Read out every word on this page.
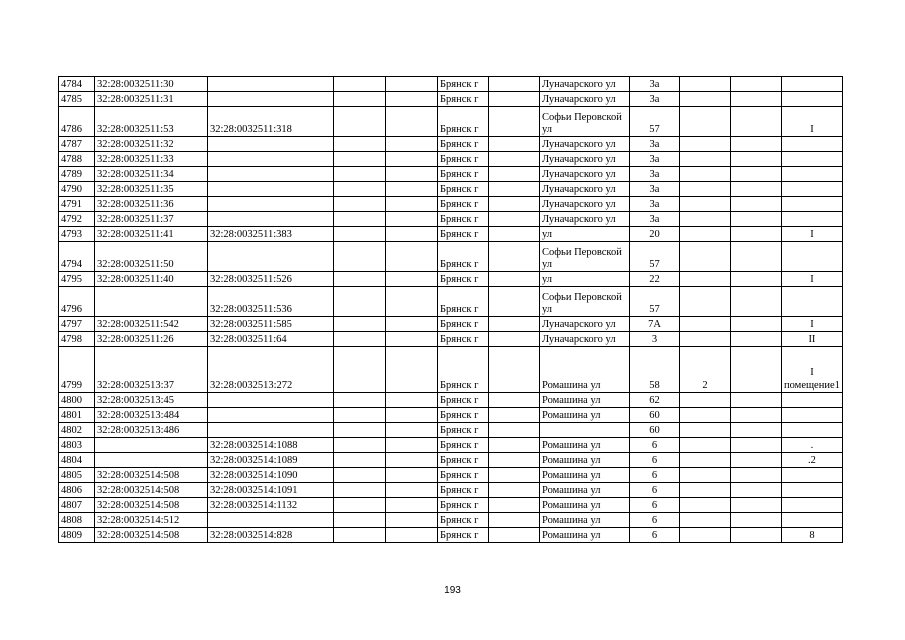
4784	32:28:0032511:30				Брянск г		Луначарского ул	3а			
4785	32:28:0032511:31				Брянск г		Луначарского ул	3а			
4786	32:28:0032511:53	32:28:0032511:318			Брянск г		Софьи Перовской ул	57			I
4787	32:28:0032511:32				Брянск г		Луначарского ул	3а			
4788	32:28:0032511:33				Брянск г		Луначарского ул	3а			
4789	32:28:0032511:34				Брянск г		Луначарского ул	3а			
4790	32:28:0032511:35				Брянск г		Луначарского ул	3а			
4791	32:28:0032511:36				Брянск г		Луначарского ул	3а			
4792	32:28:0032511:37				Брянск г		Луначарского ул	3а			
4793	32:28:0032511:41	32:28:0032511:383			Брянск г		ул	20			I
4794	32:28:0032511:50				Брянск г		Софьи Перовской ул	57			
4795	32:28:0032511:40	32:28:0032511:526			Брянск г		ул	22			I
4796		32:28:0032511:536			Брянск г		Софьи Перовской ул	57			
4797	32:28:0032511:542	32:28:0032511:585			Брянск г		Луначарского ул	7А			I
4798	32:28:0032511:26	32:28:0032511:64			Брянск г		Луначарского ул	3			II
4799	32:28:0032513:37	32:28:0032513:272			Брянск г		Ромашина ул	58	2		I помещение1
4800	32:28:0032513:45				Брянск г		Ромашина ул	62			
4801	32:28:0032513:484				Брянск г		Ромашина ул	60			
4802	32:28:0032513:486				Брянск г			60			
4803		32:28:0032514:1088			Брянск г		Ромашина ул	6			.
4804		32:28:0032514:1089			Брянск г		Ромашина ул	6			.2
4805	32:28:0032514:508	32:28:0032514:1090			Брянск г		Ромашина ул	6			
4806	32:28:0032514:508	32:28:0032514:1091			Брянск г		Ромашина ул	6			
4807	32:28:0032514:508	32:28:0032514:1132			Брянск г		Ромашина ул	6			
4808	32:28:0032514:512				Брянск г		Ромашина ул	6			
4809	32:28:0032514:508	32:28:0032514:828			Брянск г		Ромашина ул	6			8
193
